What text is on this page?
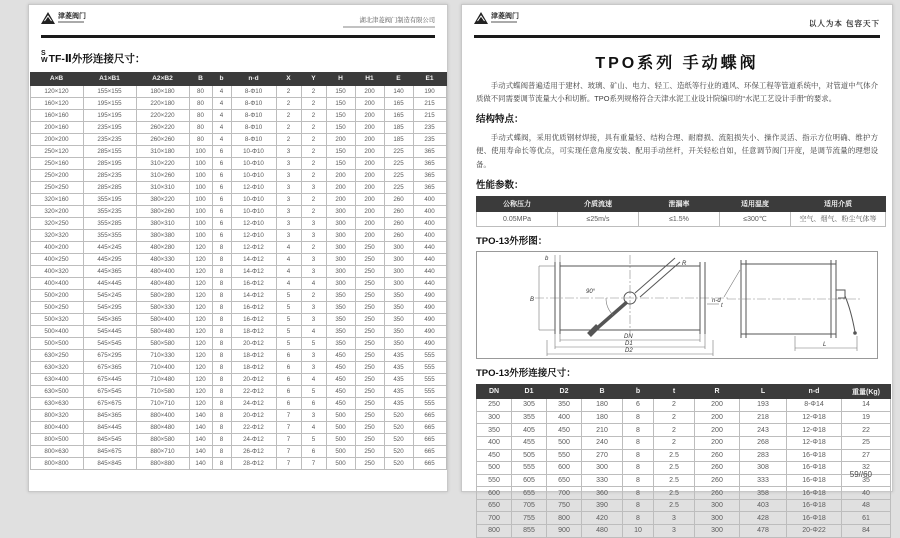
津菱阀门
湖北津菱阀门制造有限公司
S
W TF-Ⅱ外形连接尺寸：
A×B	A1×B1	A2×B2	B	b	n-d	X	Y	H	H1	E	E1
120×120	155×155	180×180	80	4	8-Φ10	2	2	150	200	140	190
160×120	195×155	220×180	80	4	8-Φ10	2	2	150	200	165	215
160×160	195×195	220×220	80	4	8-Φ10	2	2	150	200	165	215
200×160	235×195	260×220	80	4	8-Φ10	2	2	150	200	185	235
200×200	235×235	260×260	80	4	8-Φ10	2	2	200	200	185	235
250×120	285×155	310×180	100	6	10-Φ10	3	2	150	200	225	365
250×160	285×195	310×220	100	6	10-Φ10	3	2	150	200	225	365
250×200	285×235	310×260	100	6	10-Φ10	3	2	200	200	225	365
250×250	285×285	310×310	100	6	12-Φ10	3	3	200	200	225	365
320×160	355×195	380×220	100	6	10-Φ10	3	2	200	200	260	400
320×200	355×235	380×260	100	6	10-Φ10	3	2	300	200	260	400
320×250	355×285	380×310	100	6	12-Φ10	3	3	300	200	260	400
320×320	355×355	380×380	100	6	12-Φ10	3	3	300	200	260	400
400×200	445×245	480×280	120	8	12-Φ12	4	2	300	250	300	440
400×250	445×295	480×330	120	8	14-Φ12	4	3	300	250	300	440
400×320	445×365	480×400	120	8	14-Φ12	4	3	300	250	300	440
400×400	445×445	480×480	120	8	16-Φ12	4	4	300	250	300	440
500×200	545×245	580×280	120	8	14-Φ12	5	2	350	250	350	490
500×250	545×295	580×330	120	8	16-Φ12	5	3	350	250	350	490
500×320	545×365	580×400	120	8	16-Φ12	5	3	350	250	350	490
500×400	545×445	580×480	120	8	18-Φ12	5	4	350	250	350	490
500×500	545×545	580×580	120	8	20-Φ12	5	5	350	250	350	490
630×250	675×295	710×330	120	8	18-Φ12	6	3	450	250	435	555
630×320	675×365	710×400	120	8	18-Φ12	6	3	450	250	435	555
630×400	675×445	710×480	120	8	20-Φ12	6	4	450	250	435	555
630×500	675×545	710×580	120	8	22-Φ12	6	5	450	250	435	555
630×630	675×675	710×710	120	8	24-Φ12	6	6	450	250	435	555
800×320	845×365	880×400	140	8	20-Φ12	7	3	500	250	520	665
800×400	845×445	880×480	140	8	22-Φ12	7	4	500	250	520	665
800×500	845×545	880×580	140	8	24-Φ12	7	5	500	250	520	665
800×630	845×675	880×710	140	8	26-Φ12	7	6	500	250	520	665
800×800	845×845	880×880	140	8	28-Φ12	7	7	500	250	520	665
津菱阀门
以人为本 包容天下
TPO系列 手动蝶阀

手动式蝶阀普遍适用于建材、玻璃、矿山、电力、轻工、造纸等行业的通风、环保工程等管道系统中，对管道中气体介质做不同需要调节流量大小和切断。TPO系列规格符合天津水泥工业设计院编印的“水泥工艺设计手册”的要求。

结构特点：

手动式蝶阀，采用优质钢材焊接，具有重量轻、结构合理、耐磨损、流阻损失小、操作灵活、指示方位明确、维护方便、使用寿命长等优点，可实现任意角度安装、配用手动丝杆，开关轻松自如，任意调节阀门开度，是调节流量的理想设备。

性能参数：
公称压力	介质流速	泄漏率	适用温度	适用介质
0.05MPa	≤25m/s	≤1.5%	≤300℃	空气、烟气、粉尘气体等
TPO-13外形图：
R
90°
b
B
t
DN
D1
D2
n-d
L
TPO-13外形连接尺寸：
DN	D1	D2	B	b	t	R	L	n-d	重量(Kg)
250	305	350	180	6	2	200	193	8-Φ14	14
300	355	400	180	8	2	200	218	12-Φ18	19
350	405	450	210	8	2	200	243	12-Φ18	22
400	455	500	240	8	2	200	268	12-Φ18	25
450	505	550	270	8	2.5	260	283	16-Φ18	27
500	555	600	300	8	2.5	260	308	16-Φ18	32
550	605	650	330	8	2.5	260	333	16-Φ18	35
600	655	700	360	8	2.5	260	358	16-Φ18	40
650	705	750	390	8	2.5	300	403	16-Φ18	48
700	755	800	420	8	3	300	428	16-Φ18	61
800	855	900	480	10	3	300	478	20-Φ22	84
59//60
